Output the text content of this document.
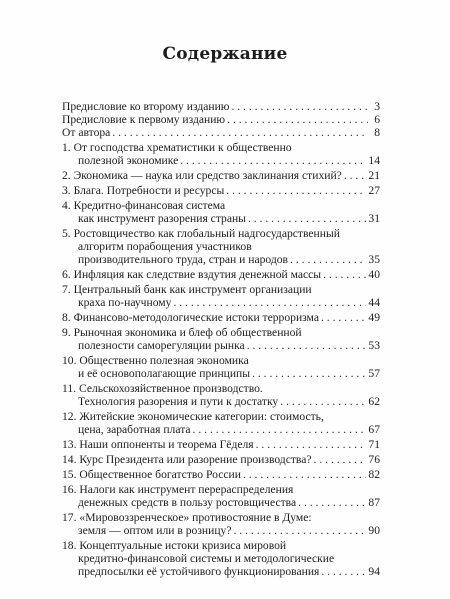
Содержание
Предисловие ко второму изданию . . .	3
Предисловие к первому изданию . . .	6
От автора . . .	8
1. От господства хрематистики к общественно
полезной экономике . . .	14
2. Экономика — наука или средство заклинания стихий? . . . 21
3. Блага. Потребности и ресурсы . . .	27
4. Кредитно-финансовая система
как инструмент разорения страны . . .	31
5. Ростовщичество как глобальный надгосударственный
алгоритм порабощения участников
производительного труда, стран и народов . . .	35
6. Инфляция как следствие вздутия денежной массы . . .	40
7. Центральный банк как инструмент организации
краха по-научному . . .	44
8. Финансово-методологические истоки терроризма . . .	49
9. Рыночная экономика и блеф об общественной
полезности саморегуляции рынка . . .	53
10. Общественно полезная экономика
и её основополагающие принципы . . .	57
11. Сельскохозяйственное производство.
Технология разорения и пути к достатку . . .	62
12. Житейские экономические категории: стоимость,
цена, заработная плата . . .	67
13. Наши оппоненты и теорема Гёделя . . .	71
14. Курс Президента или разорение производства? . . .	76
15. Общественное богатство России . . .	82
16. Налоги как инструмент перераспределения
денежных средств в пользу ростовщичества . . .	87
17. «Мировоззренческое» противостояние в Думе:
земля — оптом или в розницу? . . .	90
18. Концептуальные истоки кризиса мировой
кредитно-финансовой системы и методологические
предпосылки её устойчивого функционирования . . .	94
